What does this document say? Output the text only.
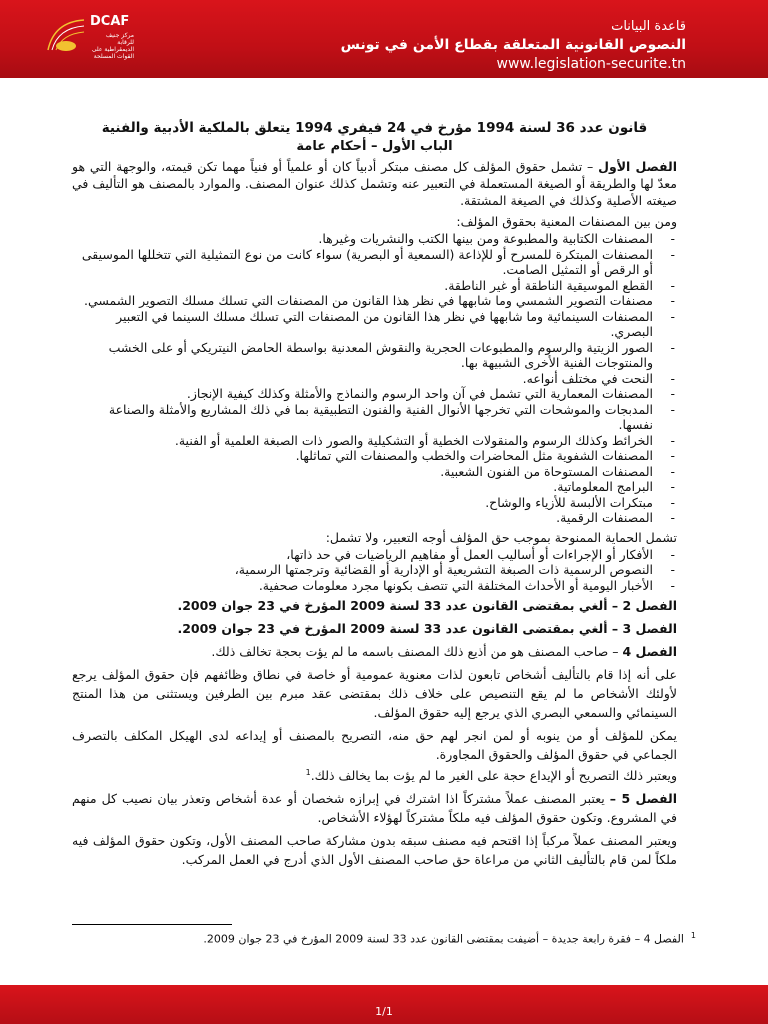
DCAF
مركز جنيف للرقابة الديمقراطية على القوات المسلحة
قاعدة البيانات
النصوص القانونية المتعلقة بقطاع الأمن في تونس
www.legislation-securite.tn
قانون عدد 36 لسنة 1994 مؤرخ في 24 فيفري 1994 يتعلق بالملكية الأدبية والفنية
الباب الأول – أحكام عامة

الفصل الأول – تشمل حقوق المؤلف كل مصنف مبتكر أدبياً كان أو علمياً أو فنياً مهما تكن قيمته، والوجهة التي هو معدّ لها والطريقة أو الصيغة المستعملة في التعبير عنه وتشمل كذلك عنوان المصنف. والموارد بالمصنف هو التأليف في صيغته الأصلية وكذلك في الصيغة المشتقة.

ومن بين المصنفات المعنية بحقوق المؤلف:

- المصنفات الكتابية والمطبوعة ومن بينها الكتب والنشريات وغيرها.
- المصنفات المبتكرة للمسرح أو للإذاعة (السمعية أو البصرية) سواء كانت من نوع التمثيلية التي تتخللها الموسيقى أو الرقص أو التمثيل الصامت.
- القطع الموسيقية الناطقة أو غير الناطقة.
- مصنفات التصوير الشمسي وما شابهها في نظر هذا القانون من المصنفات التي تسلك مسلك التصوير الشمسي.
- المصنفات السينمائية وما شابهها في نظر هذا القانون من المصنفات التي تسلك مسلك السينما في التعبير البصري.
- الصور الزيتية والرسوم والمطبوعات الحجرية والنقوش المعدنية بواسطة الحامض النيتريكي أو على الخشب والمنتوجات الفنية الأخرى الشبيهة بها.
- النحت في مختلف أنواعه.
- المصنفات المعمارية التي تشمل في آن واحد الرسوم والنماذج والأمثلة وكذلك كيفية الإنجاز.
- المدبجات والموشحات التي تخرجها الأنوال الفنية والفنون التطبيقية بما في ذلك المشاريع والأمثلة والصناعة نفسها.
- الخرائط وكذلك الرسوم والمنقولات الخطية أو التشكيلية والصور ذات الصبغة العلمية أو الفنية.
- المصنفات الشفوية مثل المحاضرات والخطب والمصنفات التي تماثلها.
- المصنفات المستوحاة من الفنون الشعبية.
- البرامج المعلوماتية.
- مبتكرات الألبسة للأزياء والوشاح.
- المصنفات الرقمية.

تشمل الحماية الممنوحة بموجب حق المؤلف أوجه التعبير، ولا تشمل:

- الأفكار أو الإجراءات أو أساليب العمل أو مفاهيم الرياضيات في حد ذاتها،
- النصوص الرسمية ذات الصبغة التشريعية أو الإدارية أو القضائية وترجمتها الرسمية،
- الأخبار اليومية أو الأحداث المختلفة التي تتصف بكونها مجرد معلومات صحفية.

الفصل 2 – ألغي بمقتضى القانون عدد 33 لسنة 2009 المؤرخ في 23 جوان 2009.

الفصل 3 – ألغي بمقتضى القانون عدد 33 لسنة 2009 المؤرخ في 23 جوان 2009.

الفصل 4 – صاحب المصنف هو من أذيع ذلك المصنف باسمه ما لم يؤت بحجة تخالف ذلك.

على أنه إذا قام بالتأليف أشخاص تابعون لذات معنوية عمومية أو خاصة في نطاق وظائفهم فإن حقوق المؤلف يرجع لأولئك الأشخاص ما لم يقع التنصيص على خلاف ذلك بمقتضى عقد مبرم بين الطرفين ويستثنى من هذا المنتج السينمائي والسمعي البصري الذي يرجع إليه حقوق المؤلف.

يمكن للمؤلف أو من ينوبه أو لمن انجر لهم حق منه، التصريح بالمصنف أو إيداعه لدى الهيكل المكلف بالتصرف الجماعي في حقوق المؤلف والحقوق المجاورة.

ويعتبر ذلك التصريح أو الإيداع حجة على الغير ما لم يؤت بما يخالف ذلك.$^1$

الفصل 5 – يعتبر المصنف عملاً مشتركاً اذا اشترك في إبرازه شخصان أو عدة أشخاص وتعذر بيان نصيب كل منهم في المشروع. وتكون حقوق المؤلف فيه ملكاً مشتركاً لهؤلاء الأشخاص.

ويعتبر المصنف عملاً مركباً إذا اقتحم فيه مصنف سبقه بدون مشاركة صاحب المصنف الأول، وتكون حقوق المؤلف فيه ملكاً لمن قام بالتأليف الثاني من مراعاة حق صاحب المصنف الأول الذي أدرج في العمل المركب.

$^1$  الفصل 4 – فقرة رابعة جديدة – أضيفت بمقتضى القانون عدد 33 لسنة 2009 المؤرخ في 23 جوان 2009.
1/1
